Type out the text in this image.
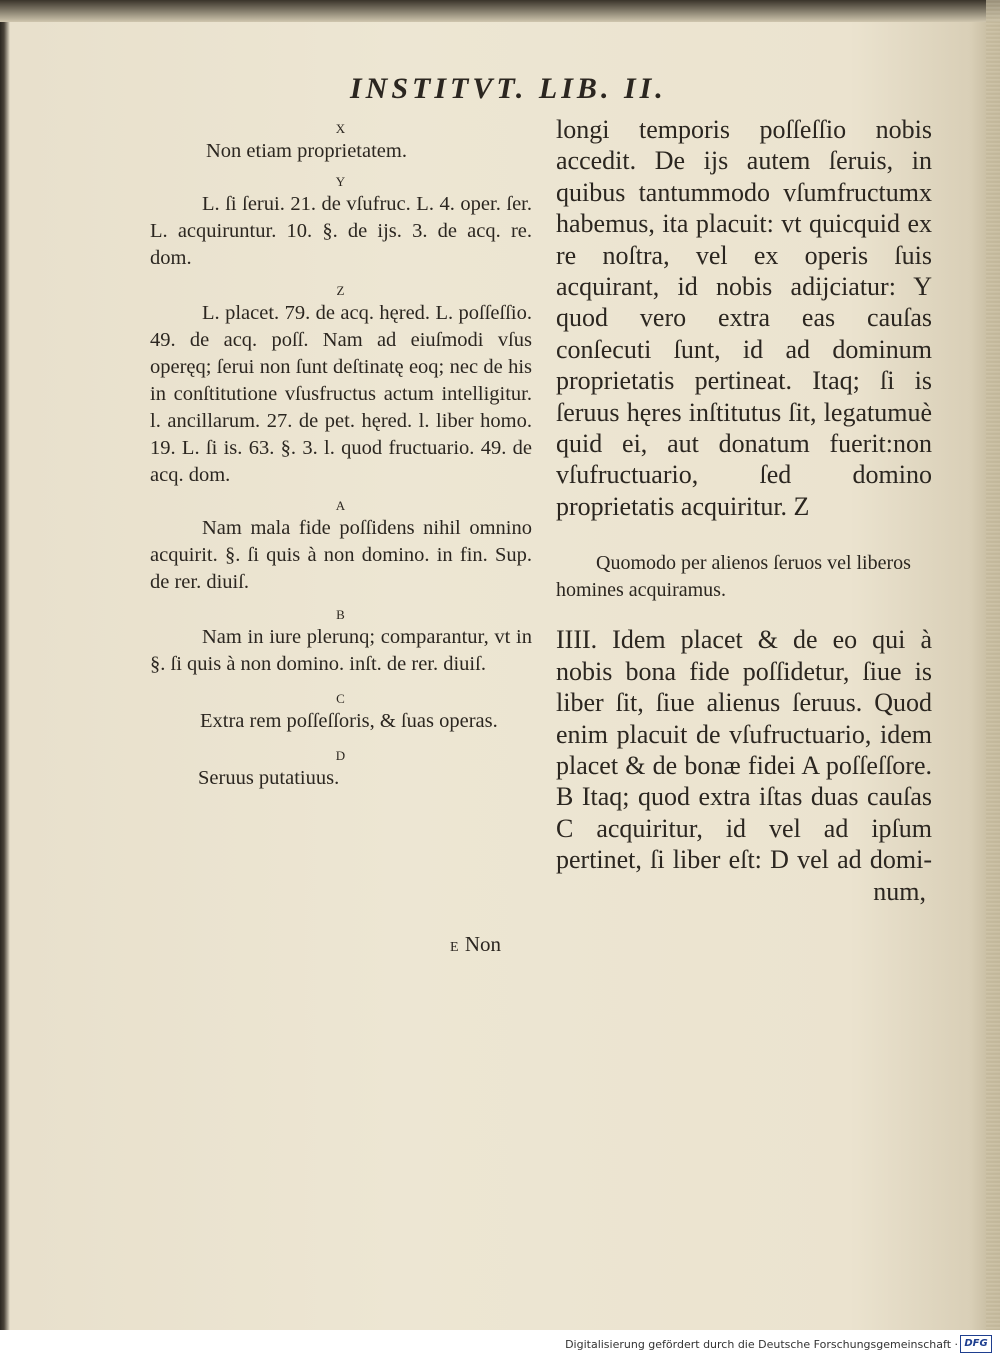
INSTITVT. LIB. II.
X
Non etiam proprietatem.
Y
L. ſi ſerui. 21. de vſufruc. L. 4. oper. ſer. L. acquiruntur. 10. §. de ijs. 3. de acq. re. dom.
Z
L. placet. 79. de acq. hęred. L. poſſeſſio. 49. de acq. poſſ. Nam ad eiuſmodi vſus operęq; ſerui non ſunt deſtinatę eoq; nec de his in conſtitutione vſusfructus actum intelligitur. l. ancillarum. 27. de pet. hęred. l. liber homo. 19. L. ſi is. 63. §. 3. l. quod fructuario. 49. de acq. dom.
A
Nam mala fide poſſidens nihil omnino acquirit. §. ſi quis à non domino. in fin. Sup. de rer. diuiſ.
B
Nam in iure plerunq; comparantur, vt in §. ſi quis à non domino. inſt. de rer. diuiſ.
C
Extra rem poſſeſſoris, & ſuas operas.
D
Seruus putatiuus.
E Non
longi temporis poſſeſſio nobis accedit. De ijs autem ſeruis, in quibus tantummodo vſumfructumx habemus, ita placuit: vt quicquid ex re noſtra, vel ex operis ſuis acquirant, id nobis adijciatur: Y quod vero extra eas cauſas conſecuti ſunt, id ad dominum proprietatis pertineat. Itaq; ſi is ſeruus hęres inſtitutus ſit, legatumuè quid ei, aut donatum fuerit:non vſufructuario, ſed domino proprietatis acquiritur. Z
Quomodo per alienos ſeruos vel liberos homines acquiramus.
IIII. Idem placet & de eo qui à nobis bona fide poſſidetur, ſiue is liber ſit, ſiue alienus ſeruus. Quod enim placuit de vſufructuario, idem placet & de bonæ fidei A poſſeſſore. B Itaq; quod extra iſtas duas cauſas C acquiritur, id vel ad ipſum pertinet, ſi liber eſt: D vel ad domi-
num,
Digitalisierung gefördert durch die Deutsche Forschungsgemeinschaft · DFG
